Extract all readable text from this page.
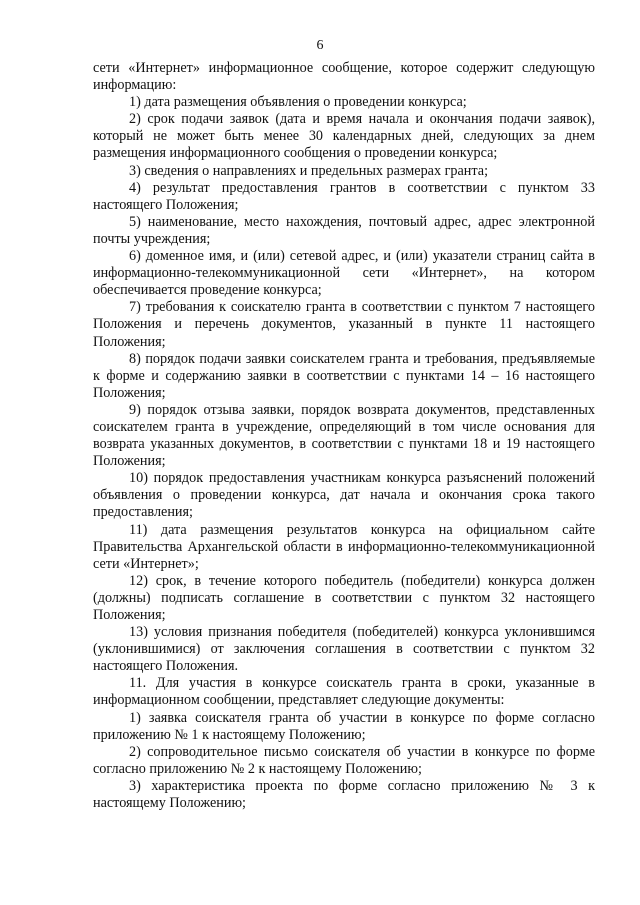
6

сети «Интернет» информационное сообщение, которое содержит следующую информацию:

1) дата размещения объявления о проведении конкурса;

2) срок подачи заявок (дата и время начала и окончания подачи заявок), который не может быть менее 30 календарных дней, следующих за днем размещения информационного сообщения о проведении конкурса;

3) сведения о направлениях и предельных размерах гранта;

4) результат предоставления грантов в соответствии с пунктом 33 настоящего Положения;

5) наименование, место нахождения, почтовый адрес, адрес электронной почты учреждения;

6) доменное имя, и (или) сетевой адрес, и (или) указатели страниц сайта в информационно-телекоммуникационной сети «Интернет», на котором обеспечивается проведение конкурса;

7) требования к соискателю гранта в соответствии с пунктом 7 настоящего Положения и перечень документов, указанный в пункте 11 настоящего Положения;

8) порядок подачи заявки соискателем гранта и требования, предъявляемые к форме и содержанию заявки в соответствии с пунктами 14 – 16 настоящего Положения;

9) порядок отзыва заявки, порядок возврата документов, представленных соискателем гранта в учреждение, определяющий в том числе основания для возврата указанных документов, в соответствии с пунктами 18 и 19 настоящего Положения;

10) порядок предоставления участникам конкурса разъяснений положений объявления о проведении конкурса, дат начала и окончания срока такого предоставления;

11) дата размещения результатов конкурса на официальном сайте Правительства Архангельской области в информационно-телекоммуникационной сети «Интернет»;

12) срок, в течение которого победитель (победители) конкурса должен (должны) подписать соглашение в соответствии с пунктом 32 настоящего Положения;

13) условия признания победителя (победителей) конкурса уклонившимся (уклонившимися) от заключения соглашения в соответствии с пунктом 32 настоящего Положения.

11. Для участия в конкурсе соискатель гранта в сроки, указанные в информационном сообщении, представляет следующие документы:

1) заявка соискателя гранта об участии в конкурсе по форме согласно приложению № 1 к настоящему Положению;

2) сопроводительное письмо соискателя об участии в конкурсе по форме согласно приложению № 2 к настоящему Положению;

3) характеристика проекта по форме согласно приложению № 3 к настоящему Положению;
